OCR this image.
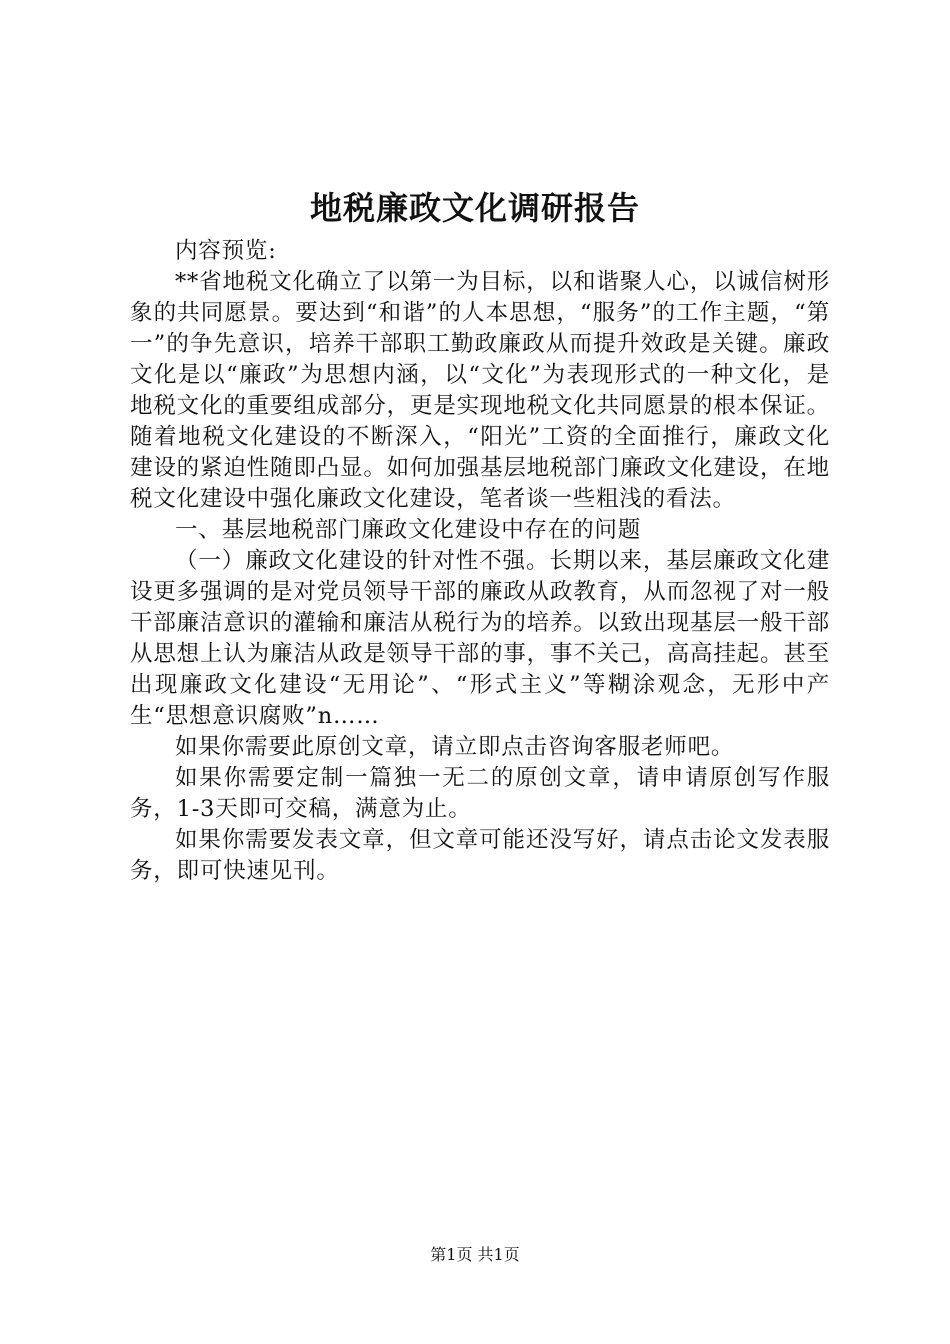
地税廉政文化调研报告

内容预览:

**省地税文化确立了以第一为目标，以和谐聚人心，以诚信树形象的共同愿景。要达到“和谐”的人本思想，“服务”的工作主题，“第一”的争先意识，培养干部职工勤政廉政从而提升效政是关键。廉政文化是以“廉政”为思想内涵，以“文化”为表现形式的一种文化，是地税文化的重要组成部分，更是实现地税文化共同愿景的根本保证。随着地税文化建设的不断深入，“阳光”工资的全面推行，廉政文化建设的紧迫性随即凸显。如何加强基层地税部门廉政文化建设，在地税文化建设中强化廉政文化建设，笔者谈一些粗浅的看法。

一、基层地税部门廉政文化建设中存在的问题

（一）廉政文化建设的针对性不强。长期以来，基层廉政文化建设更多强调的是对党员领导干部的廉政从政教育，从而忽视了对一般干部廉洁意识的灌输和廉洁从税行为的培养。以致出现基层一般干部从思想上认为廉洁从政是领导干部的事，事不关己，高高挂起。甚至出现廉政文化建设“无用论”、“形式主义”等糊涂观念，无形中产生“思想意识腐败”n……

如果你需要此原创文章，请立即点击咨询客服老师吧。

如果你需要定制一篇独一无二的原创文章，请申请原创写作服务，1-3天即可交稿，满意为止。

如果你需要发表文章，但文章可能还没写好，请点击论文发表服务，即可快速见刊。

第1页 共1页
